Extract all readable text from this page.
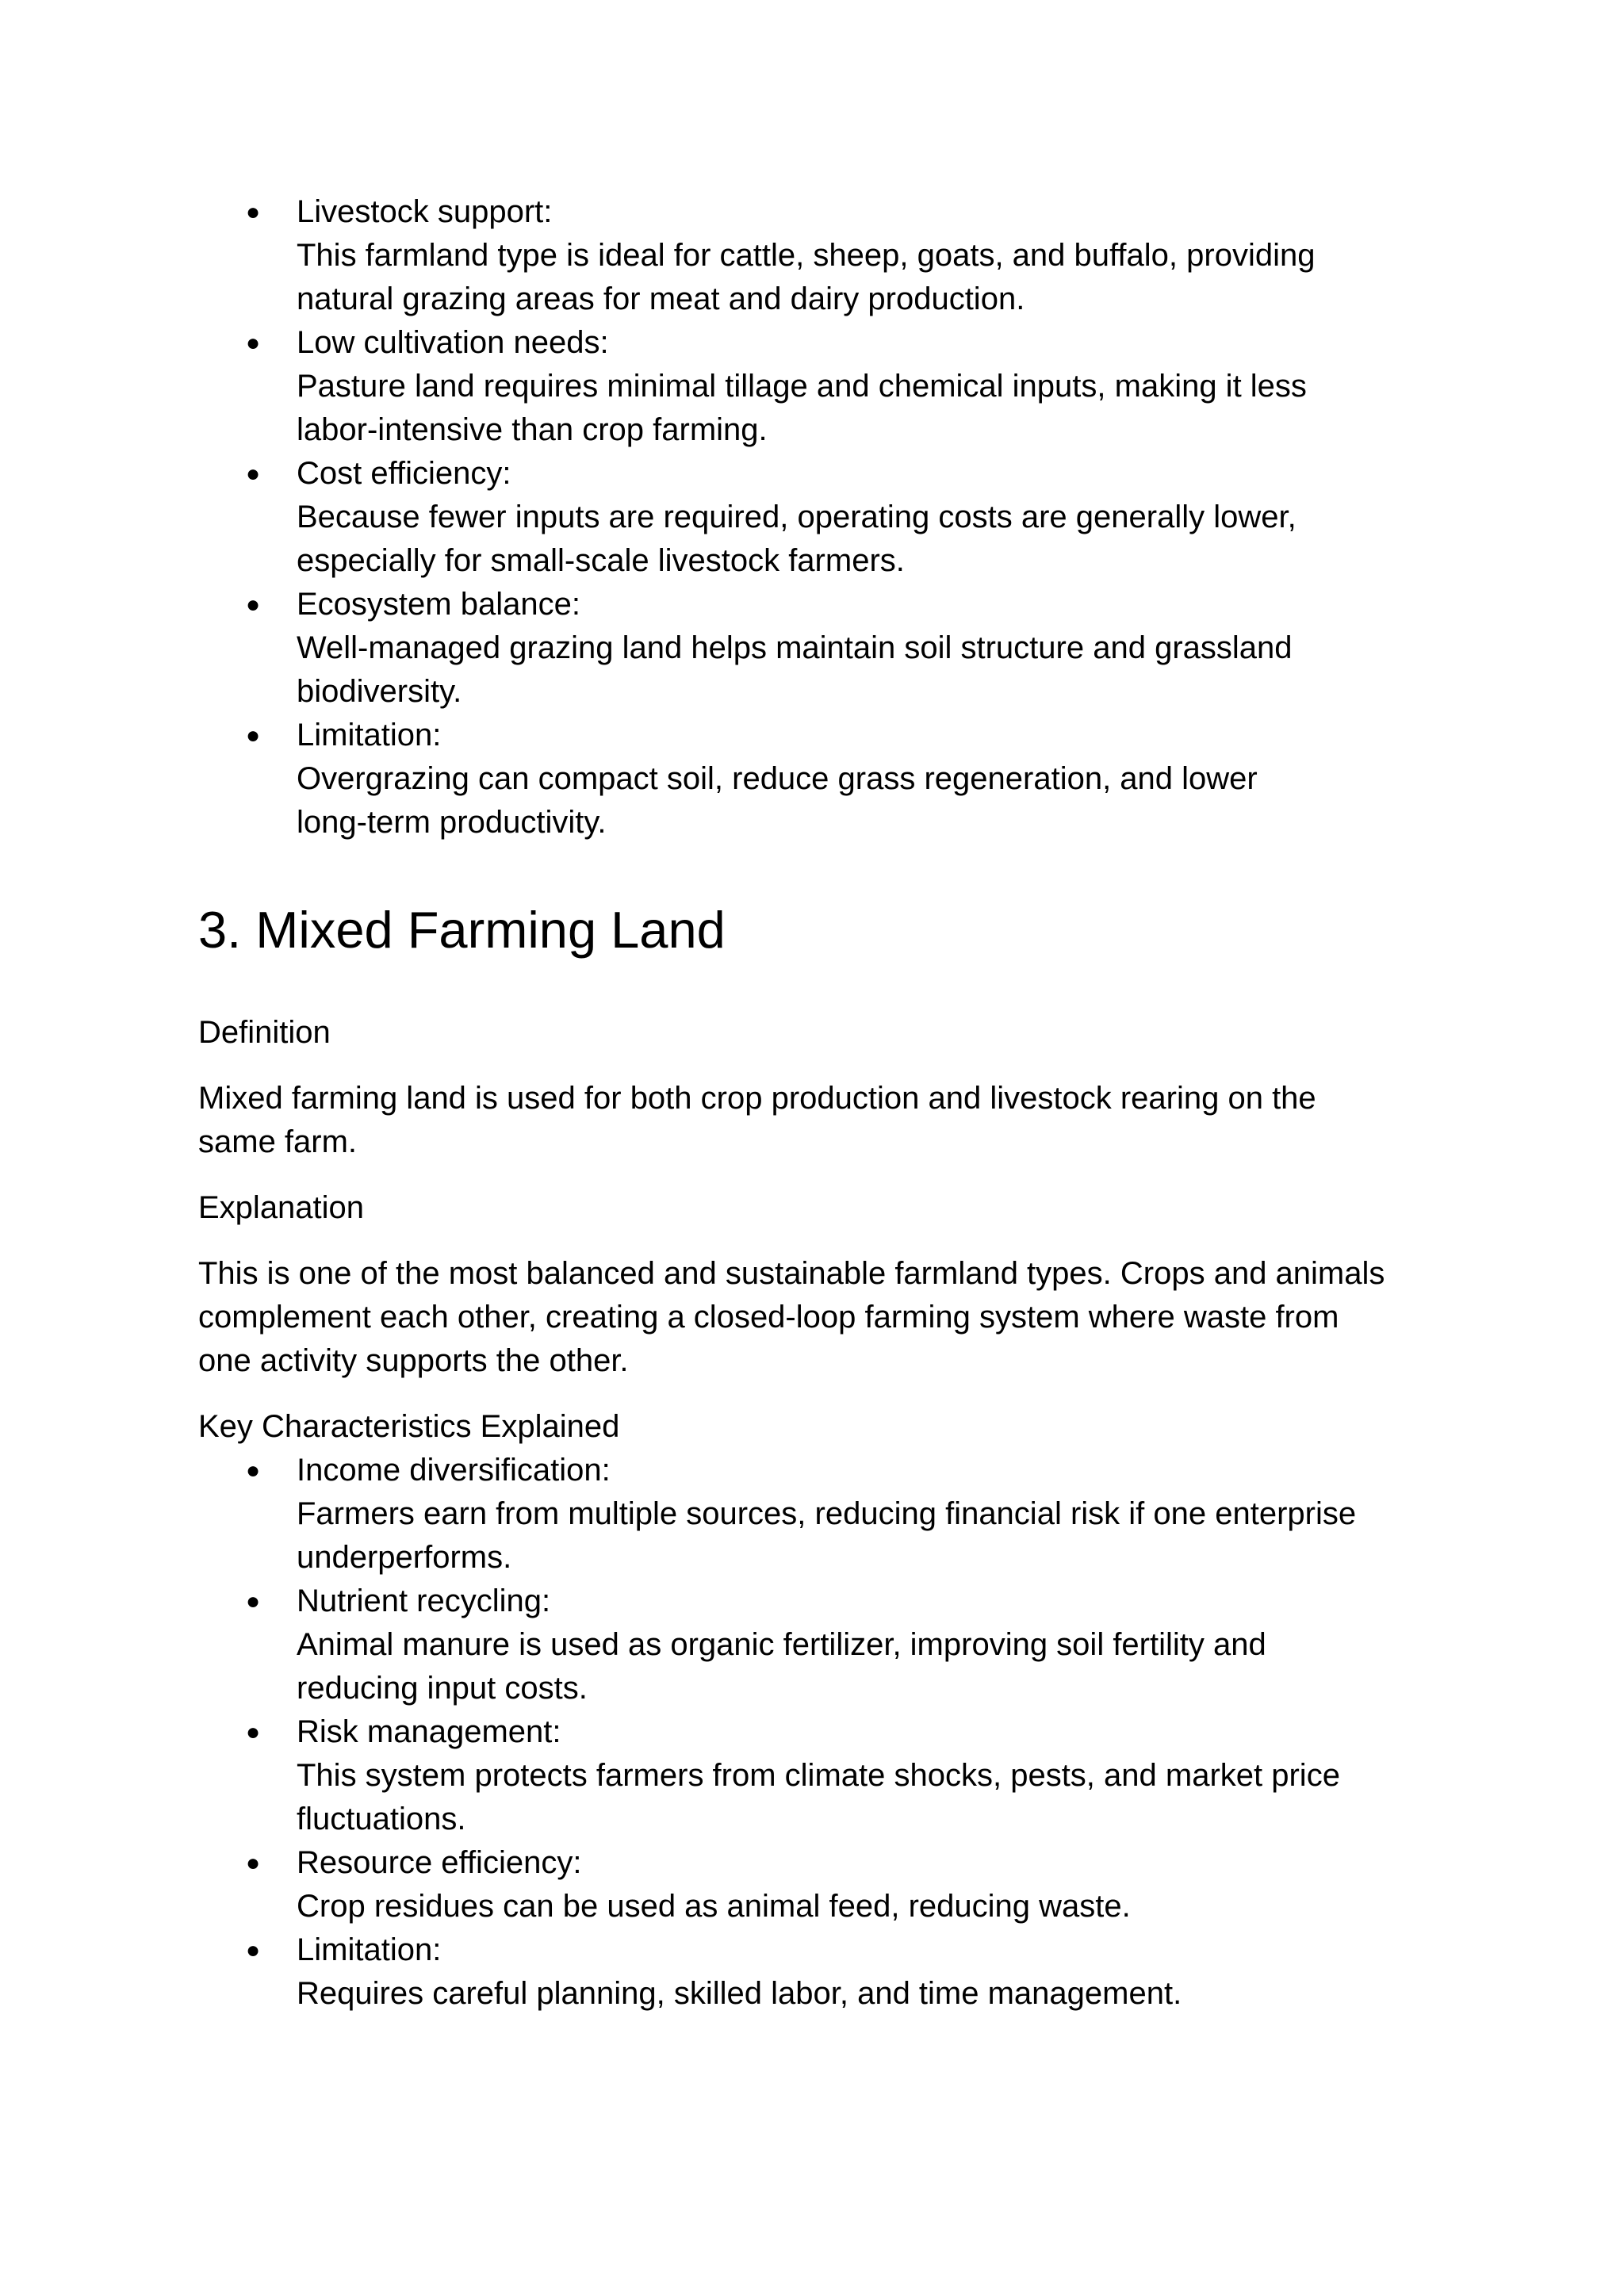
●	Livestock support:
This farmland type is ideal for cattle, sheep, goats, and buffalo, providing
natural grazing areas for meat and dairy production.
●	Low cultivation needs:
Pasture land requires minimal tillage and chemical inputs, making it less
labor-intensive than crop farming.
●	Cost efficiency:
Because fewer inputs are required, operating costs are generally lower,
especially for small-scale livestock farmers.
●	Ecosystem balance:
Well-managed grazing land helps maintain soil structure and grassland
biodiversity.
●	Limitation:
Overgrazing can compact soil, reduce grass regeneration, and lower
long-term productivity.
3. Mixed Farming Land

Definition

Mixed farming land is used for both crop production and livestock rearing on the
same farm.

Explanation

This is one of the most balanced and sustainable farmland types. Crops and animals
complement each other, creating a closed-loop farming system where waste from
one activity supports the other.

Key Characteristics Explained

●	Income diversification:
Farmers earn from multiple sources, reducing financial risk if one enterprise
underperforms.
●	Nutrient recycling:
Animal manure is used as organic fertilizer, improving soil fertility and
reducing input costs.
●	Risk management:
This system protects farmers from climate shocks, pests, and market price
fluctuations.
●	Resource efficiency:
Crop residues can be used as animal feed, reducing waste.
●	Limitation:
Requires careful planning, skilled labor, and time management.
